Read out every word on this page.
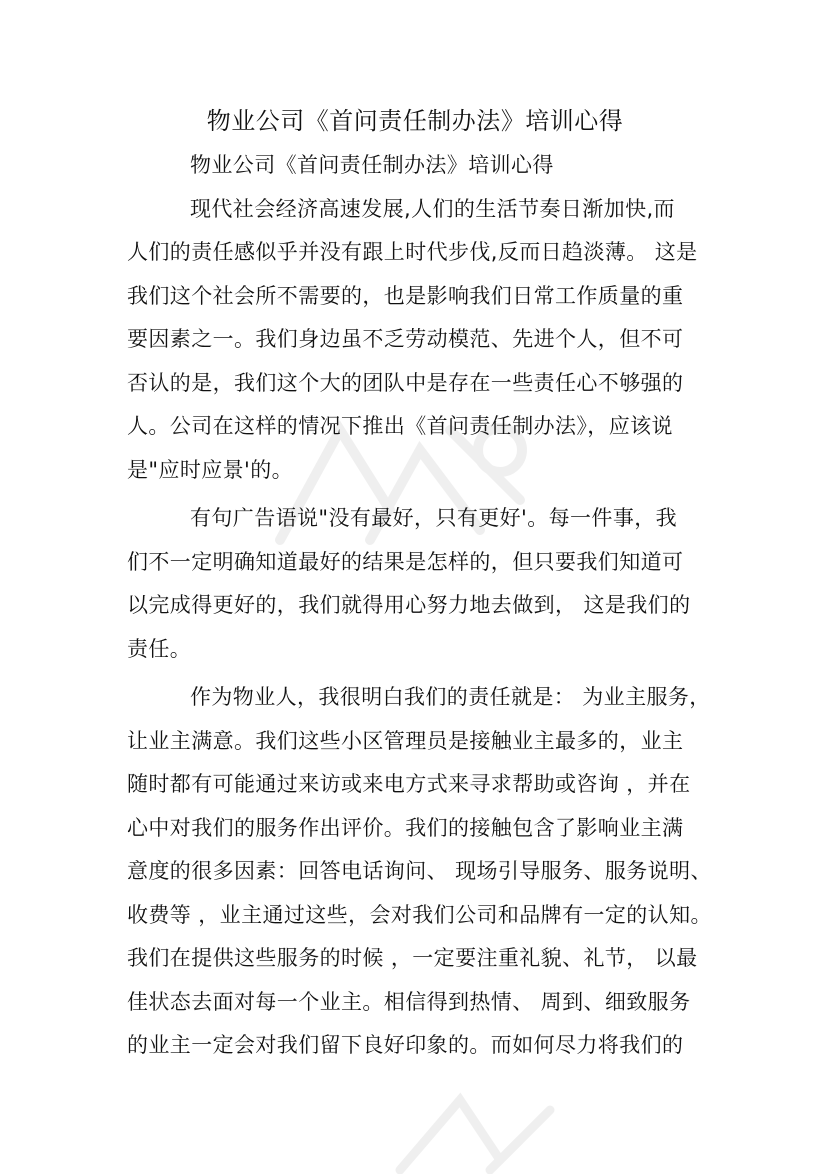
物业公司《首问责任制办法》培训心得
物业公司《首问责任制办法》培训心得
现代社会经济高速发展,人们的生活节奏日渐加快,而
人们的责任感似乎并没有跟上时代步伐,反而日趋淡薄。 这是
我们这个社会所不需要的，也是影响我们日常工作质量的重
要因素之一。我们身边虽不乏劳动模范、先进个人，但不可
否认的是，我们这个大的团队中是存在一些责任心不够强的
人。公司在这样的情况下推出《首问责任制办法》，应该说
是"应时应景'的。
有句广告语说"没有最好，只有更好'。每一件事，我
们不一定明确知道最好的结果是怎样的，但只要我们知道可
以完成得更好的，我们就得用心努力地去做到， 这是我们的
责任。
作为物业人，我很明白我们的责任就是： 为业主服务，
让业主满意。我们这些小区管理员是接触业主最多的，业主
随时都有可能通过来访或来电方式来寻求帮助或咨询 ，并在
心中对我们的服务作出评价。我们的接触包含了影响业主满
意度的很多因素：回答电话询问、 现场引导服务、服务说明、
收费等 ，业主通过这些，会对我们公司和品牌有一定的认知。
我们在提供这些服务的时候 ，一定要注重礼貌、礼节， 以最
佳状态去面对每一个业主。相信得到热情、 周到、细致服务
的业主一定会对我们留下良好印象的。而如何尽力将我们的
